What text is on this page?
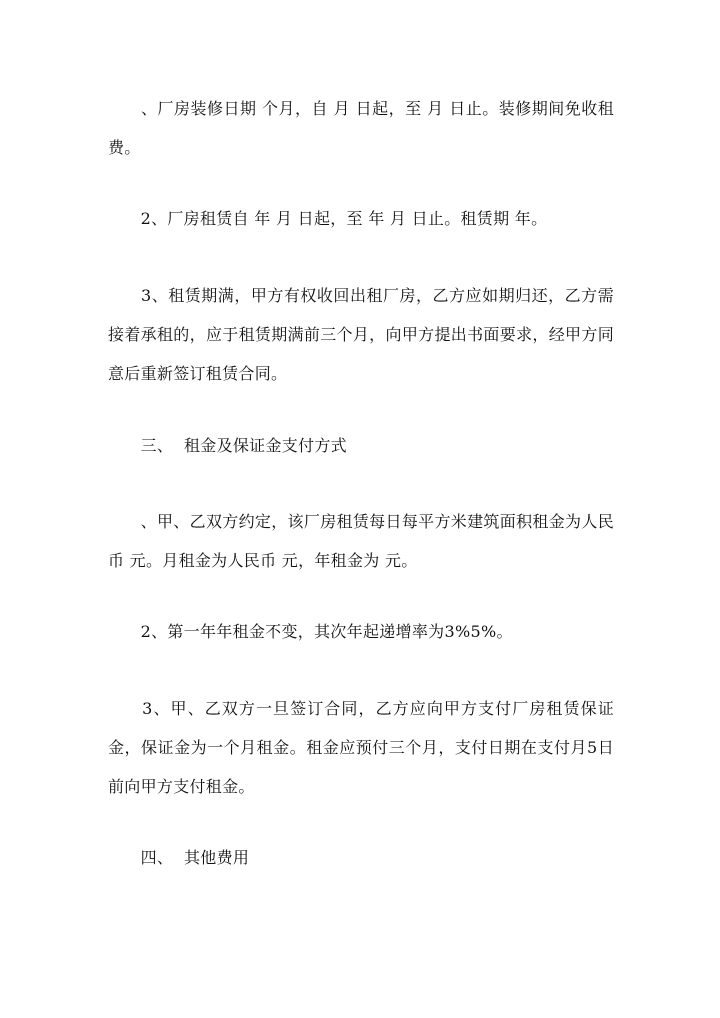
　　、厂房装修日期 个月，自 月 日起，至 月 日止。装修期间免收租费。

　　2、厂房租赁自 年 月 日起，至 年 月 日止。租赁期 年。

　　3、租赁期满，甲方有权收回出租厂房，乙方应如期归还，乙方需接着承租的，应于租赁期满前三个月，向甲方提出书面要求，经甲方同意后重新签订租赁合同。

　　三、  租金及保证金支付方式

　　、甲、乙双方约定，该厂房租赁每日每平方米建筑面积租金为人民币 元。月租金为人民币 元，年租金为 元。

　　2、第一年年租金不变，其次年起递增率为3%5%。

　　3、甲、乙双方一旦签订合同，乙方应向甲方支付厂房租赁保证金，保证金为一个月租金。租金应预付三个月，支付日期在支付月5日前向甲方支付租金。

　　四、  其他费用
